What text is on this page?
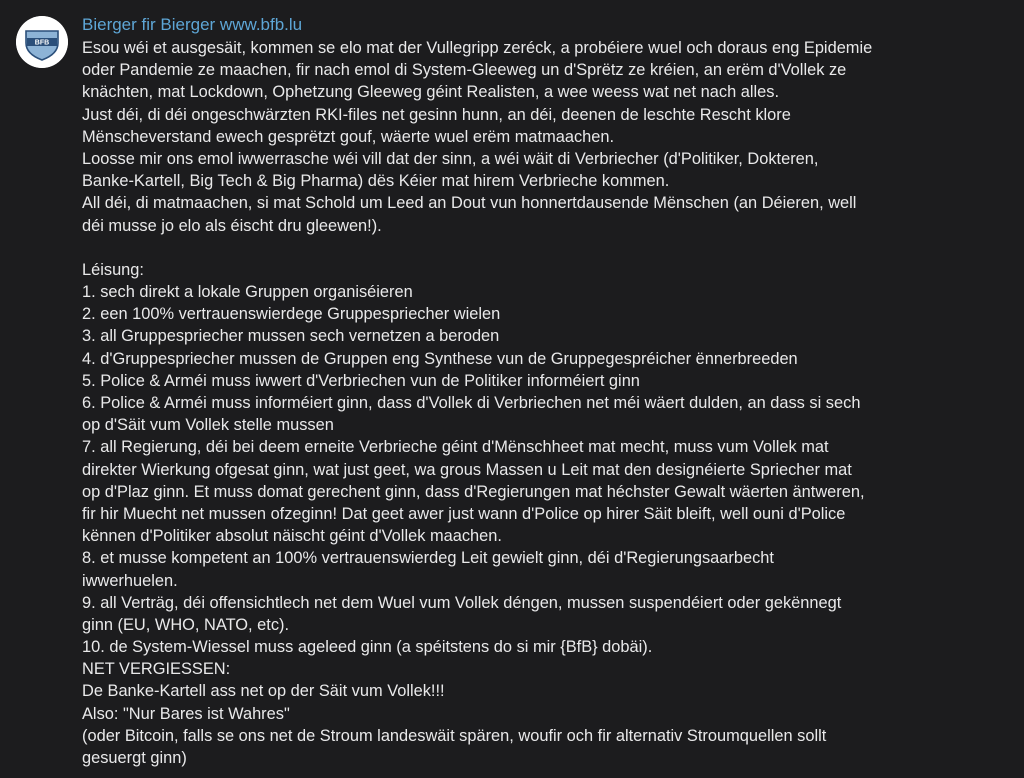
BFB
Bierger fir Bierger www.bfb.lu
Esou wéi et ausgesäit, kommen se elo mat der Vullegripp zeréck, a probéiere wuel och doraus eng Epidemie
oder Pandemie ze maachen, fir nach emol di System-Gleeweg un d'Sprëtz ze kréien, an erëm d'Vollek ze
knächten, mat Lockdown, Ophetzung Gleeweg géint Realisten, a wee weess wat net nach alles.
Just déi, di déi ongeschwärzten RKI-files net gesinn hunn, an déi, deenen de leschte Rescht klore
Mënscheverstand ewech gesprëtzt gouf, wäerte wuel erëm matmaachen.
Loosse mir ons emol iwwerrasche wéi vill dat der sinn, a wéi wäit di Verbriecher (d'Politiker, Dokteren,
Banke-Kartell, Big Tech & Big Pharma) dës Kéier mat hirem Verbrieche kommen.
All déi, di matmaachen, si mat Schold um Leed an Dout vun honnertdausende Mënschen (an Déieren, well
déi musse jo elo als éischt dru gleewen!).
Léisung:
1. sech direkt a lokale Gruppen organiséieren
2. een 100% vertrauenswierdege Gruppespriecher wielen
3. all Gruppespriecher mussen sech vernetzen a beroden
4. d'Gruppespriecher mussen de Gruppen eng Synthese vun de Gruppegespréicher ënnerbreeden
5. Police & Arméi muss iwwert d'Verbriechen vun de Politiker informéiert ginn
6. Police & Arméi muss informéiert ginn, dass d'Vollek di Verbriechen net méi wäert dulden, an dass si sech
op d'Säit vum Vollek stelle mussen
7. all Regierung, déi bei deem erneite Verbrieche géint d'Mënschheet mat mecht, muss vum Vollek mat
direkter Wierkung ofgesat ginn, wat just geet, wa grous Massen u Leit mat den designéierte Spriecher mat
op d'Plaz ginn. Et muss domat gerechent ginn, dass d'Regierungen mat héchster Gewalt wäerten äntweren,
fir hir Muecht net mussen ofzeginn! Dat geet awer just wann d'Police op hirer Säit bleift, well ouni d'Police
kënnen d'Politiker absolut näischt géint d'Vollek maachen.
8. et musse kompetent an 100% vertrauenswierdeg Leit gewielt ginn, déi d'Regierungsaarbecht
iwwerhuelen.
9. all Verträg, déi offensichtlech net dem Wuel vum Vollek déngen, mussen suspendéiert oder gekënnegt
ginn (EU, WHO, NATO, etc).
10. de System-Wiessel muss ageleed ginn (a spéitstens do si mir {BfB} dobäi).
NET VERGIESSEN:
De Banke-Kartell ass net op der Säit vum Vollek!!!
Also: "Nur Bares ist Wahres"
(oder Bitcoin, falls se ons net de Stroum landeswäit spären, woufir och fir alternativ Stroumquellen sollt
gesuergt ginn)
